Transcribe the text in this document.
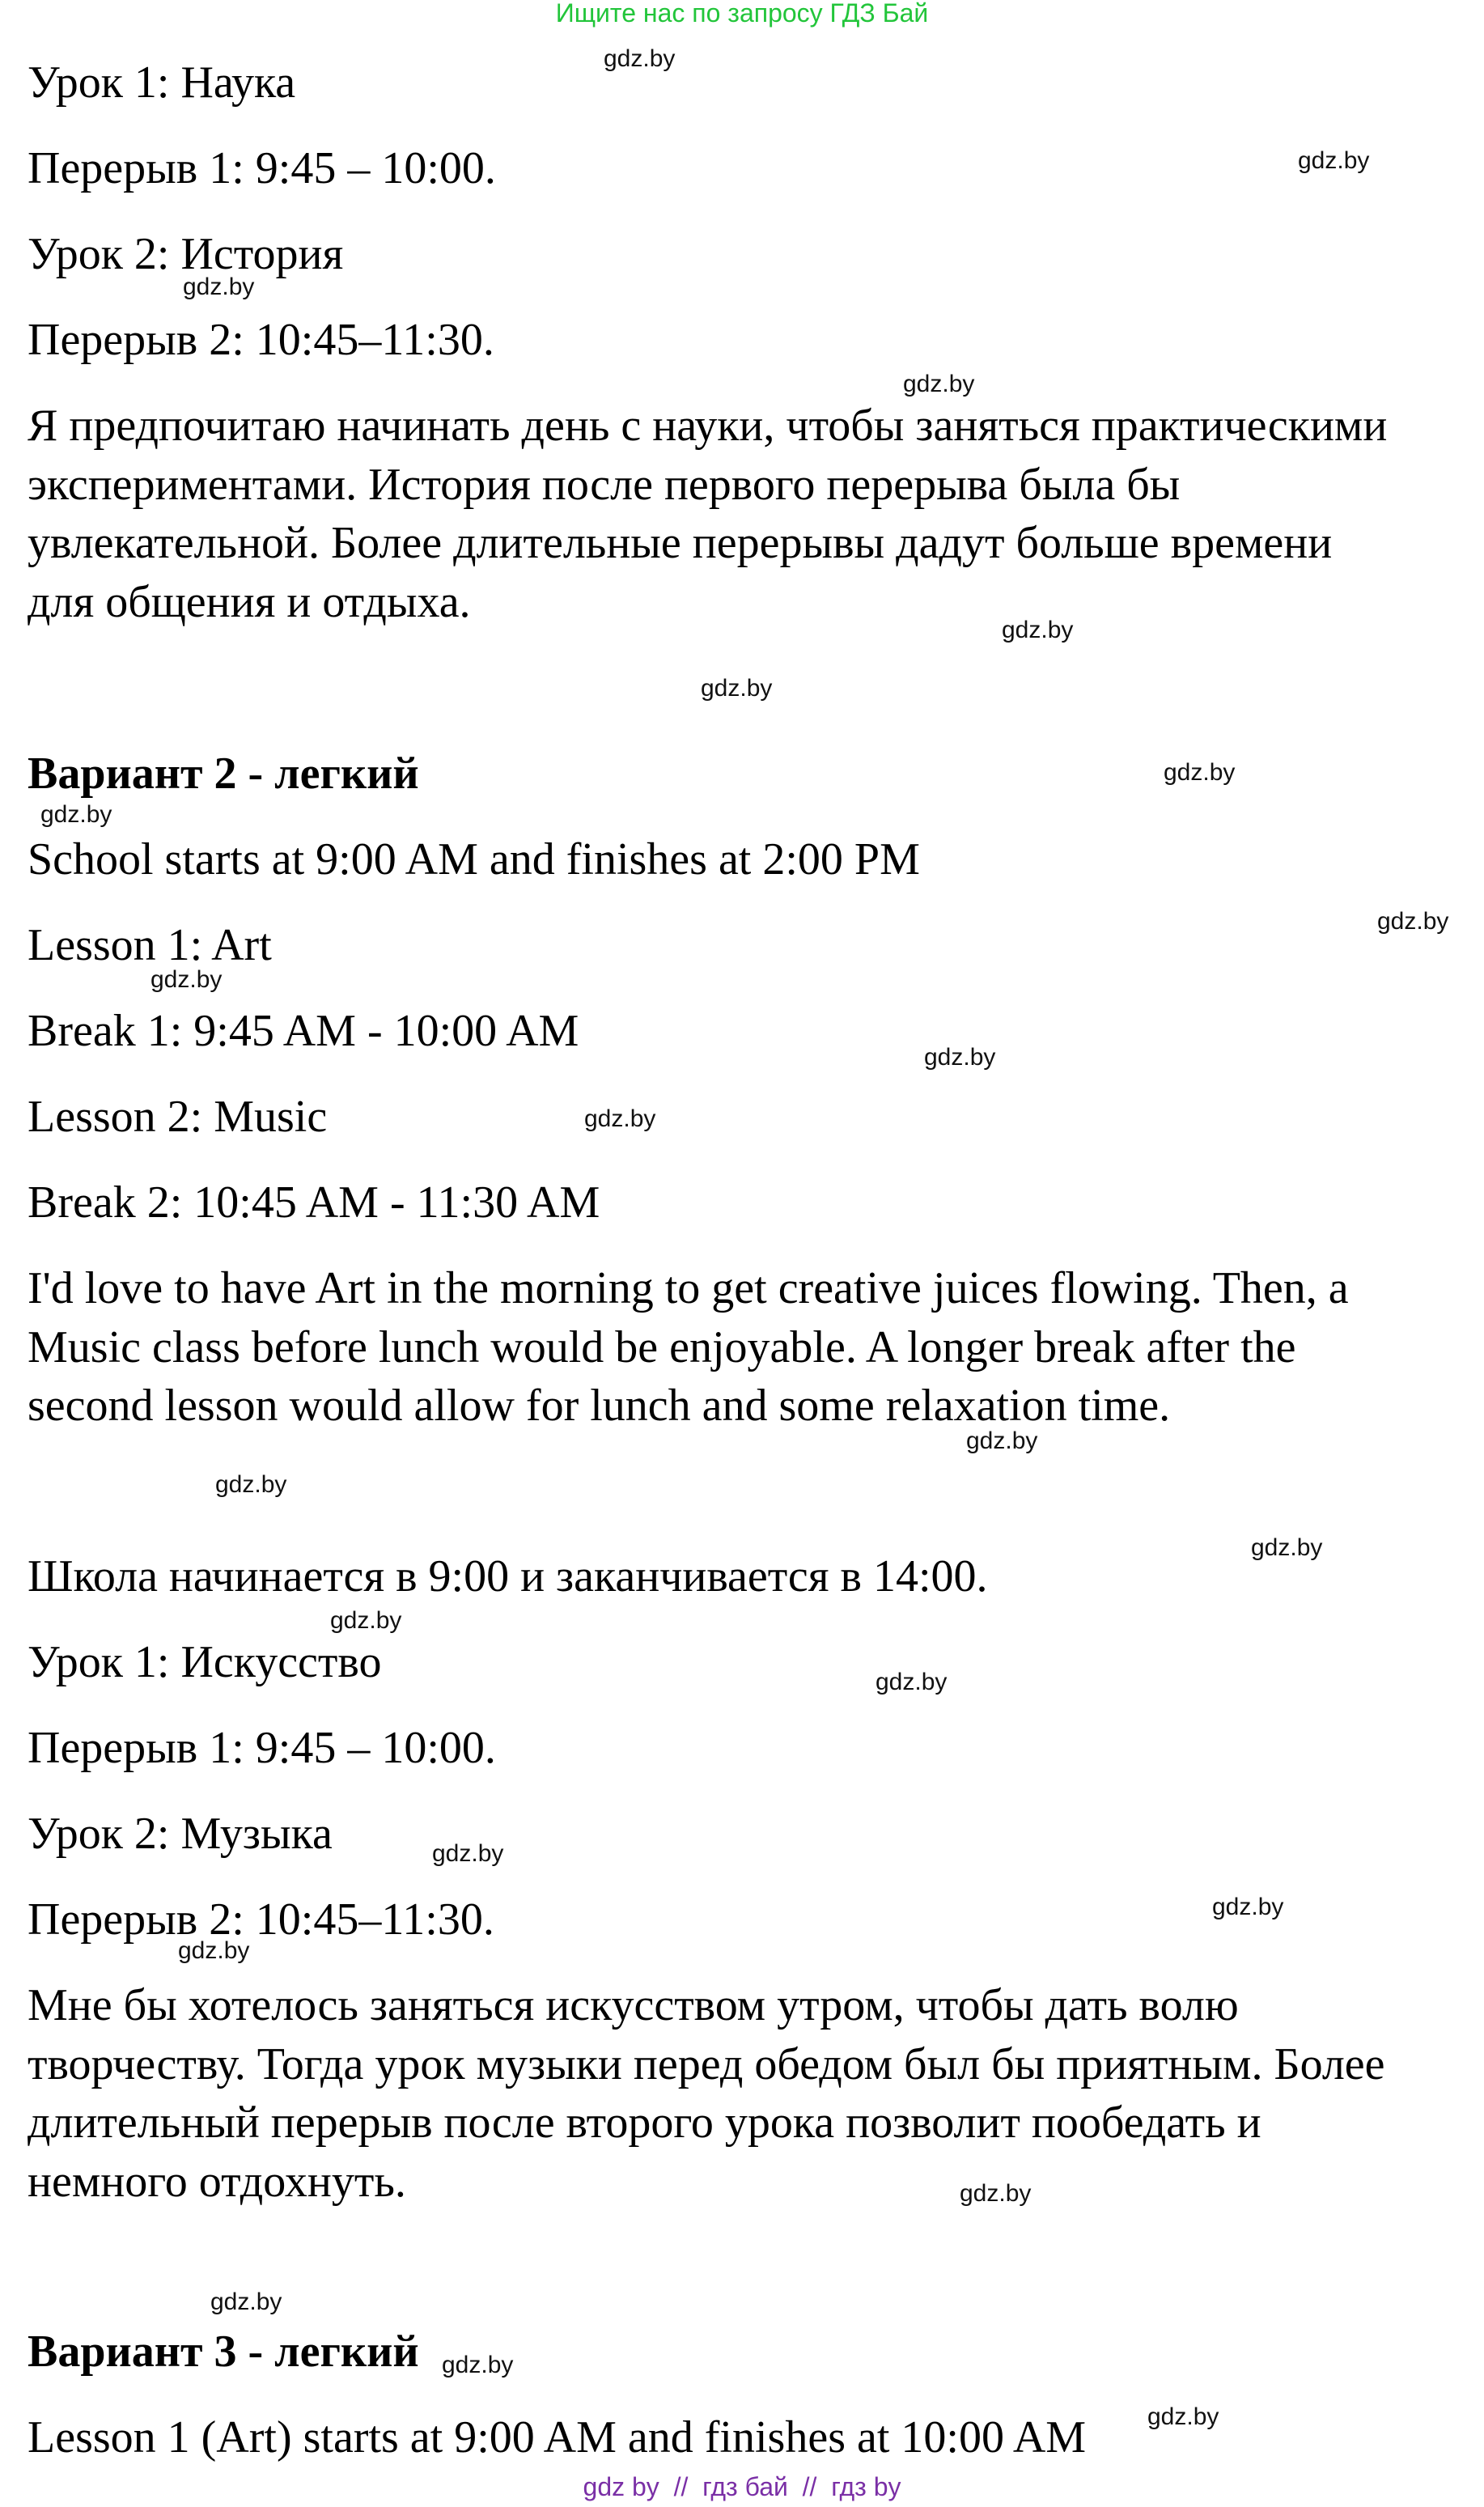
Ищите нас по запросу ГДЗ Бай
Урок 1: Наука
Перерыв 1: 9:45 – 10:00.
Урок 2: История
Перерыв 2: 10:45–11:30.
Я предпочитаю начинать день с науки, чтобы заняться практическими
экспериментами. История после первого перерыва была бы
увлекательной. Более длительные перерывы дадут больше времени
для общения и отдыха.
Вариант 2 - легкий
School starts at 9:00 AM and finishes at 2:00 PM
Lesson 1: Art
Break 1: 9:45 AM - 10:00 AM
Lesson 2: Music
Break 2: 10:45 AM - 11:30 AM
I'd love to have Art in the morning to get creative juices flowing. Then, a
Music class before lunch would be enjoyable. A longer break after the
second lesson would allow for lunch and some relaxation time.
Школа начинается в 9:00 и заканчивается в 14:00.
Урок 1: Искусство
Перерыв 1: 9:45 – 10:00.
Урок 2: Музыка
Перерыв 2: 10:45–11:30.
Мне бы хотелось заняться искусством утром, чтобы дать волю
творчеству. Тогда урок музыки перед обедом был бы приятным. Более
длительный перерыв после второго урока позволит пообедать и
немного отдохнуть.
Вариант 3 - легкий
Lesson 1 (Art) starts at 9:00 AM and finishes at 10:00 AM
gdz.by
gdz.by
gdz.by
gdz.by
gdz.by
gdz.by
gdz.by
gdz.by
gdz.by
gdz.by
gdz.by
gdz.by
gdz.by
gdz.by
gdz.by
gdz.by
gdz.by
gdz.by
gdz.by
gdz.by
gdz.by
gdz.by
gdz.by
gdz.by
gdz by  //  гдз бай  //  гдз by
